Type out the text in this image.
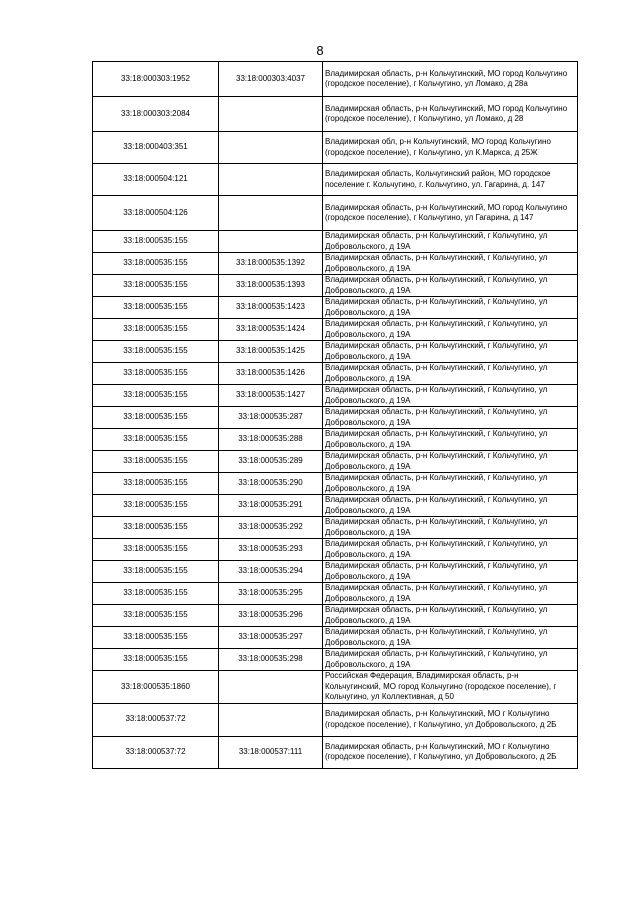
8
33:18:000303:1952	33:18:000303:4037	Владимирская область, р-н Кольчугинский, МО город Кольчугино (городское поселение), г Кольчугино, ул Ломако, д 28а
33:18:000303:2084		Владимирская область, р-н Кольчугинский, МО город Кольчугино (городское поселение), г Кольчугино, ул Ломако, д 28
33:18:000403:351		Владимирская обл, р-н Кольчугинский, МО город Кольчугино (городское поселение), г Кольчугино, ул К.Маркса, д 25Ж
33:18:000504:121		Владимирская область, Кольчугинский район, МО городское поселение г. Кольчугино, г. Кольчугино, ул. Гагарина, д. 147
33:18:000504:126		Владимирская область, р-н Кольчугинский, МО город Кольчугино (городское поселение), г Кольчугино, ул Гагарина, д 147
33:18:000535:155		Владимирская область, р-н Кольчугинский, г Кольчугино, ул Добровольского, д 19А
33:18:000535:155	33:18:000535:1392	Владимирская область, р-н Кольчугинский, г Кольчугино, ул Добровольского, д 19А
33:18:000535:155	33:18:000535:1393	Владимирская область, р-н Кольчугинский, г Кольчугино, ул Добровольского, д 19А
33:18:000535:155	33:18:000535:1423	Владимирская область, р-н Кольчугинский, г Кольчугино, ул Добровольского, д 19А
33:18:000535:155	33:18:000535:1424	Владимирская область, р-н Кольчугинский, г Кольчугино, ул Добровольского, д 19А
33:18:000535:155	33:18:000535:1425	Владимирская область, р-н Кольчугинский, г Кольчугино, ул Добровольского, д 19А
33:18:000535:155	33:18:000535:1426	Владимирская область, р-н Кольчугинский, г Кольчугино, ул Добровольского, д 19А
33:18:000535:155	33:18:000535:1427	Владимирская область, р-н Кольчугинский, г Кольчугино, ул Добровольского, д 19А
33:18:000535:155	33:18:000535:287	Владимирская область, р-н Кольчугинский, г Кольчугино, ул Добровольского, д 19А
33:18:000535:155	33:18:000535:288	Владимирская область, р-н Кольчугинский, г Кольчугино, ул Добровольского, д 19А
33:18:000535:155	33:18:000535:289	Владимирская область, р-н Кольчугинский, г Кольчугино, ул Добровольского, д 19А
33:18:000535:155	33:18:000535:290	Владимирская область, р-н Кольчугинский, г Кольчугино, ул Добровольского, д 19А
33:18:000535:155	33:18:000535:291	Владимирская область, р-н Кольчугинский, г Кольчугино, ул Добровольского, д 19А
33:18:000535:155	33:18:000535:292	Владимирская область, р-н Кольчугинский, г Кольчугино, ул Добровольского, д 19А
33:18:000535:155	33:18:000535:293	Владимирская область, р-н Кольчугинский, г Кольчугино, ул Добровольского, д 19А
33:18:000535:155	33:18:000535:294	Владимирская область, р-н Кольчугинский, г Кольчугино, ул Добровольского, д 19А
33:18:000535:155	33:18:000535:295	Владимирская область, р-н Кольчугинский, г Кольчугино, ул Добровольского, д 19А
33:18:000535:155	33:18:000535:296	Владимирская область, р-н Кольчугинский, г Кольчугино, ул Добровольского, д 19А
33:18:000535:155	33:18:000535:297	Владимирская область, р-н Кольчугинский, г Кольчугино, ул Добровольского, д 19А
33:18:000535:155	33:18:000535:298	Владимирская область, р-н Кольчугинский, г Кольчугино, ул Добровольского, д 19А
33:18:000535:1860		Российская Федерация, Владимирская область, р-н Кольчугинский, МО город Кольчугино (городское поселение), г Кольчугино, ул Коллективная, д 50
33:18:000537:72		Владимирская область, р-н Кольчугинский, МО г Кольчугино (городское поселение), г Кольчугино, ул Добровольского, д 2Б
33:18:000537:72	33:18:000537:111	Владимирская область, р-н Кольчугинский, МО г Кольчугино (городское поселение), г Кольчугино, ул Добровольского, д 2Б
